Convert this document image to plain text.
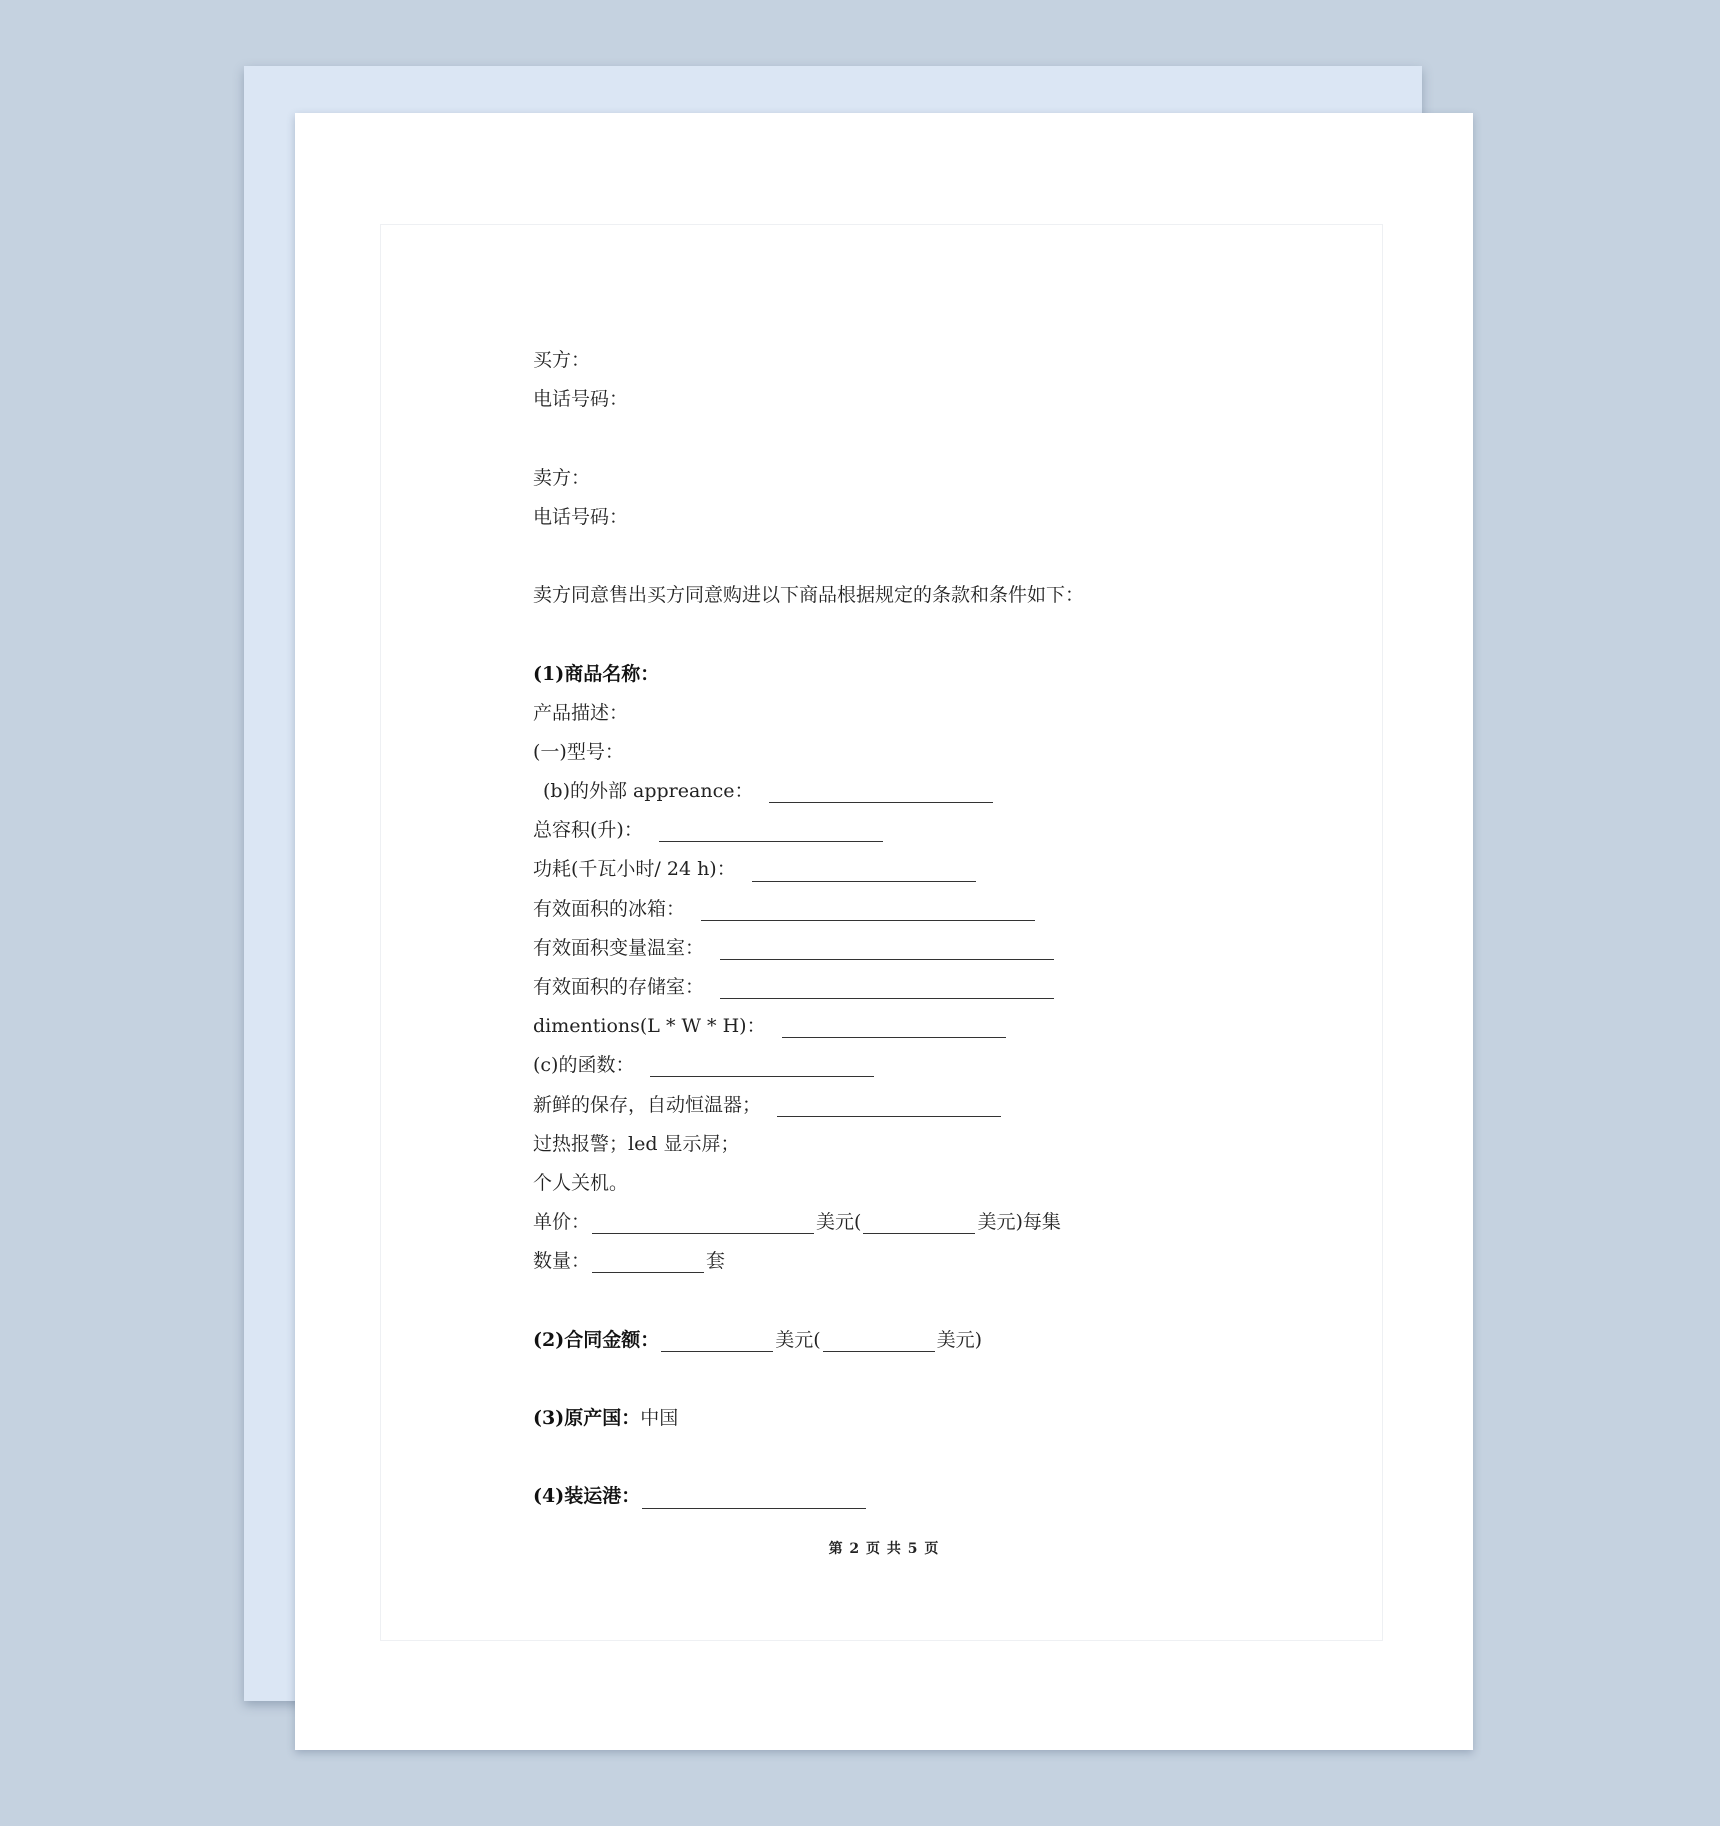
买方：
电话号码：
卖方：
电话号码：
卖方同意售出买方同意购进以下商品根据规定的条款和条件如下：
(1)商品名称：
产品描述：
(一)型号：
(b)的外部 appreance：
总容积(升)：
功耗(千瓦小时/ 24 h)：
有效面积的冰箱：
有效面积变量温室：
有效面积的存储室：
dimentions(L * W * H)：
(c)的函数：
新鲜的保存，自动恒温器；
过热报警；led 显示屏；
个人关机。
单价：	美元(	美元)每集
数量：	套
(2)合同金额：	美元(	美元)
(3)原产国： 中国
(4)装运港：
第 2 页 共 5 页
